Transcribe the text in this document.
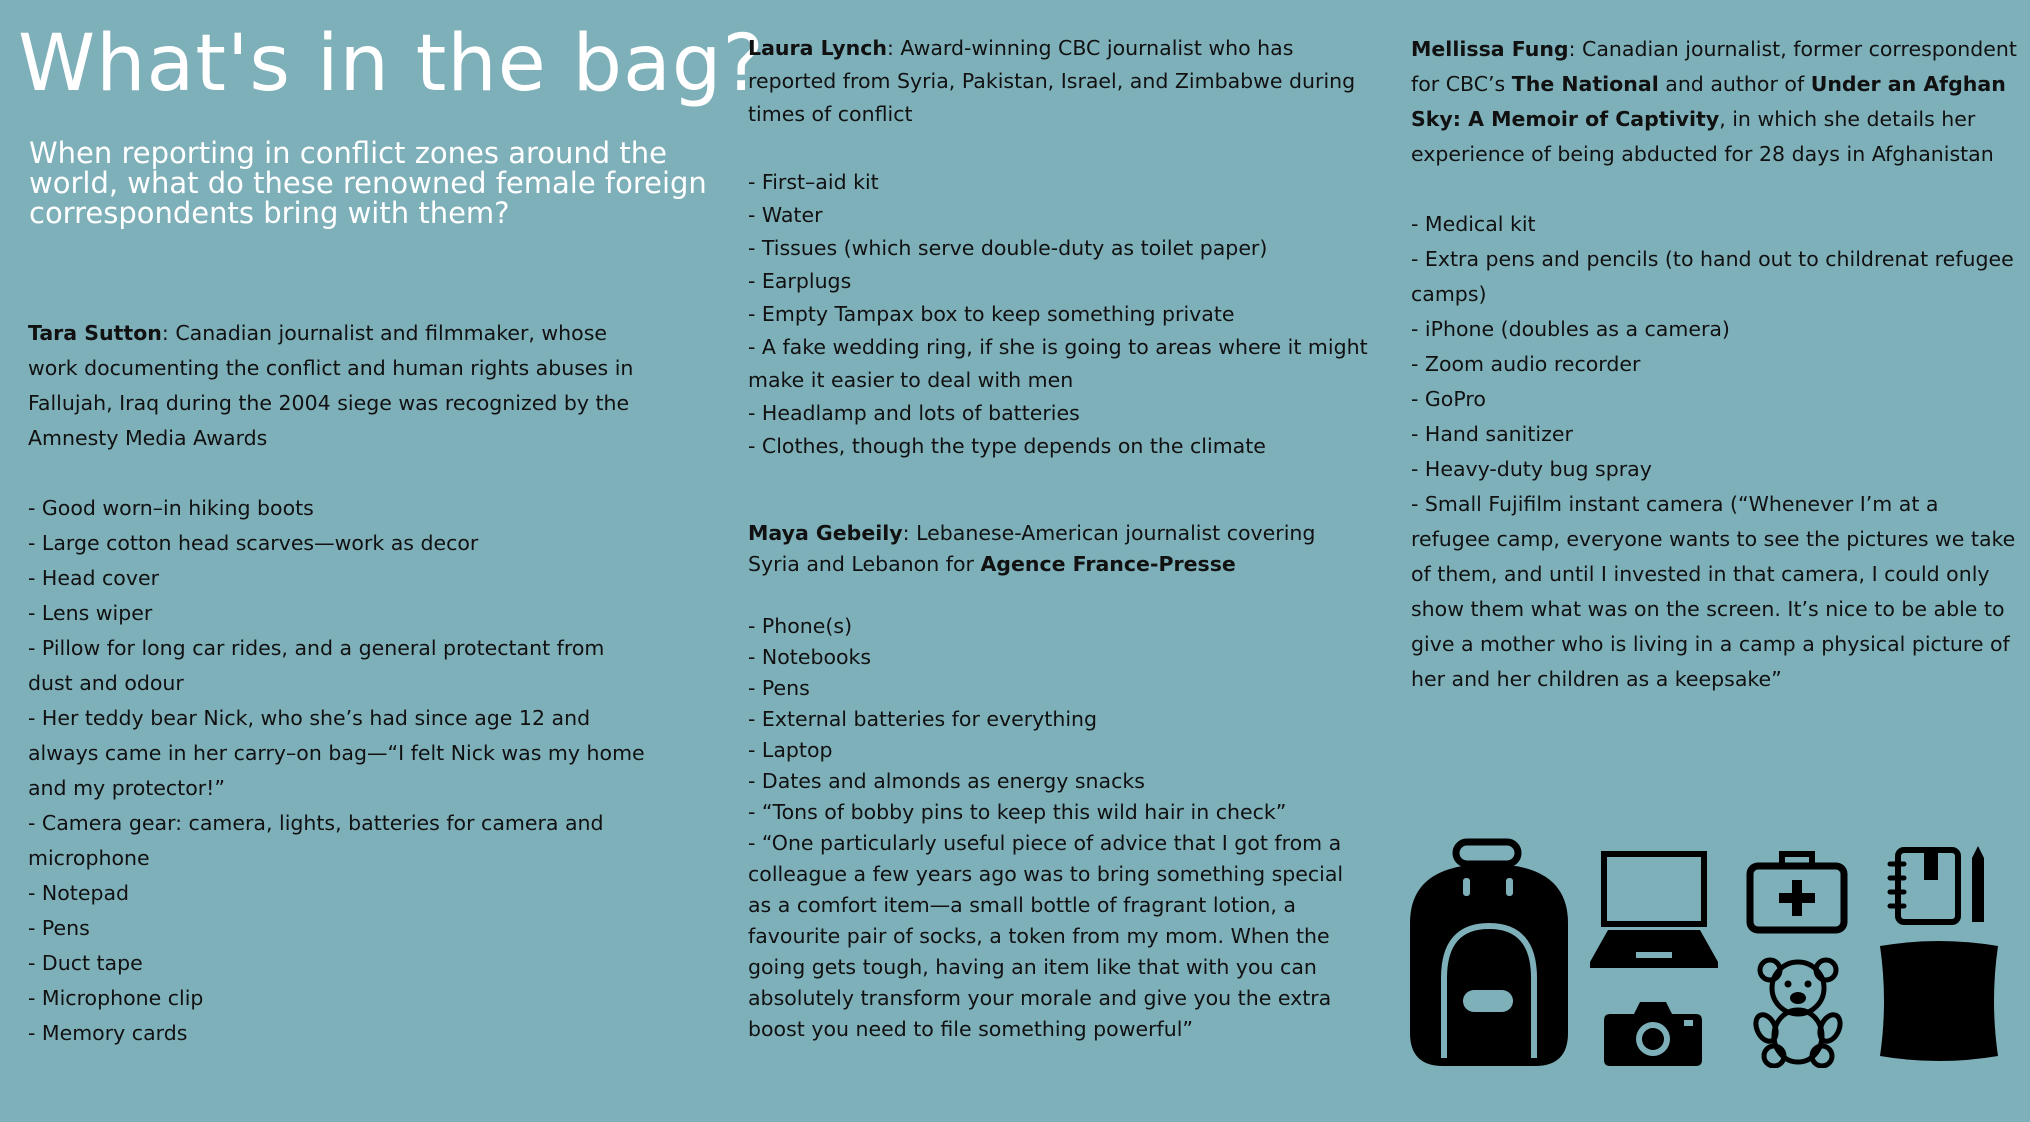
What's in the bag?
When reporting in conflict zones around the world, what do these renowned female foreign correspondents bring with them?

Tara Sutton: Canadian journalist and filmmaker, whose work documenting the conflict and human rights abuses in Fallujah, Iraq during the 2004 siege was recognized by the Amnesty Media Awards

- Good worn–in hiking boots
- Large cotton head scarves—work as decor
- Head cover
- Lens wiper
- Pillow for long car rides, and a general protectant from dust and odour
- Her teddy bear Nick, who she’s had since age 12 and always came in her carry–on bag—“I felt Nick was my home and my protector!”
- Camera gear: camera, lights, batteries for camera and microphone
- Notepad
- Pens
- Duct tape
- Microphone clip
- Memory cards

Laura Lynch: Award-winning CBC journalist who has reported from Syria, Pakistan, Israel, and Zimbabwe during times of conflict

- First–aid kit
- Water
- Tissues (which serve double-duty as toilet paper)
- Earplugs
- Empty Tampax box to keep something private
- A fake wedding ring, if she is going to areas where it might make it easier to deal with men
- Headlamp and lots of batteries
- Clothes, though the type depends on the climate

Maya Gebeily: Lebanese-American journalist covering Syria and Lebanon for Agence France-Presse

- Phone(s)
- Notebooks
- Pens
- External batteries for everything
- Laptop
- Dates and almonds as energy snacks
- “Tons of bobby pins to keep this wild hair in check”
- “One particularly useful piece of advice that I got from a colleague a few years ago was to bring something special as a comfort item—a small bottle of fragrant lotion, a favourite pair of socks, a token from my mom. When the going gets tough, having an item like that with you can absolutely transform your morale and give you the extra boost you need to file something powerful”

Mellissa Fung: Canadian journalist, former correspondent for CBC’s The National and author of Under an Afghan Sky: A Memoir of Captivity, in which she details her experience of being abducted for 28 days in Afghanistan

- Medical kit
- Extra pens and pencils (to hand out to childrenat refugee camps)
- iPhone (doubles as a camera)
- Zoom audio recorder
- GoPro
- Hand sanitizer
- Heavy-duty bug spray
- Small Fujifilm instant camera (“Whenever I’m at a refugee camp, everyone wants to see the pictures we take of them, and until I invested in that camera, I could only show them what was on the screen. It’s nice to be able to give a mother who is living in a camp a physical picture of her and her children as a keepsake”
